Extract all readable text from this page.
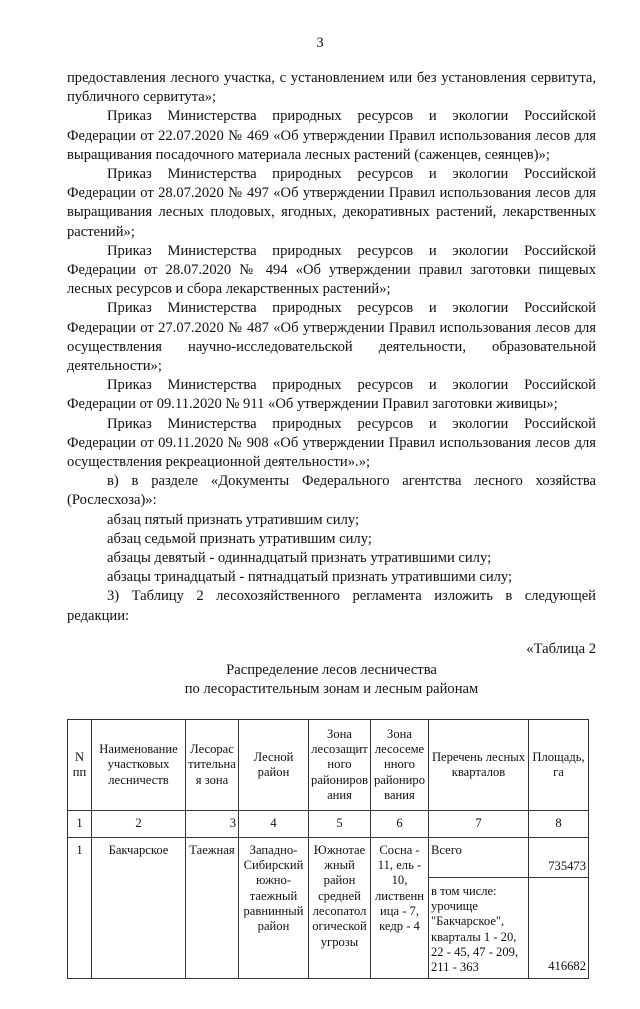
3

предоставления лесного участка, с установлением или без установления сервитута, публичного сервитута»;

Приказ Министерства природных ресурсов и экологии Российской Федерации от 22.07.2020 № 469 «Об утверждении Правил использования лесов для выращивания посадочного материала лесных растений (саженцев, сеянцев)»;

Приказ Министерства природных ресурсов и экологии Российской Федерации от 28.07.2020 № 497 «Об утверждении Правил использования лесов для выращивания лесных плодовых, ягодных, декоративных растений, лекарственных растений»;

Приказ Министерства природных ресурсов и экологии Российской Федерации от 28.07.2020 № 494 «Об утверждении правил заготовки пищевых лесных ресурсов и сбора лекарственных растений»;

Приказ Министерства природных ресурсов и экологии Российской Федерации от 27.07.2020 № 487 «Об утверждении Правил использования лесов для осуществления научно-исследовательской деятельности, образовательной деятельности»;

Приказ Министерства природных ресурсов и экологии Российской Федерации от 09.11.2020 № 911 «Об утверждении Правил заготовки живицы»;

Приказ Министерства природных ресурсов и экологии Российской Федерации от 09.11.2020 № 908 «Об утверждении Правил использования лесов для осуществления рекреационной деятельности».»;

в) в разделе «Документы Федерального агентства лесного хозяйства (Рослесхоза)»:

абзац пятый признать утратившим силу;

абзац седьмой признать утратившим силу;

абзацы девятый - одиннадцатый признать утратившими силу;

абзацы тринадцатый - пятнадцатый признать утратившими силу;

3) Таблицу 2 лесохозяйственного регламента изложить в следующей редакции:

«Таблица 2

Распределение лесов лесничества
по лесорастительным зонам и лесным районам
N пп	Наименование участковых лесничеств	Лесорастительная зона	Лесной район	Зона лесозащитного районирования	Зона лесосеменного районирования	Перечень лесных кварталов	Площадь, га
1	2	3	4	5	6	7	8
1	Бакчарское	Таежная	Западно-Сибирский южно-таежный равнинный район	Южнотаежный район средней лесопатологической угрозы	Сосна - 11, ель - 10, лиственница - 7, кедр - 4	Всего	735473
						в том числе: урочище "Бакчарское", кварталы 1 - 20, 22 - 45, 47 - 209, 211 - 363	416682
